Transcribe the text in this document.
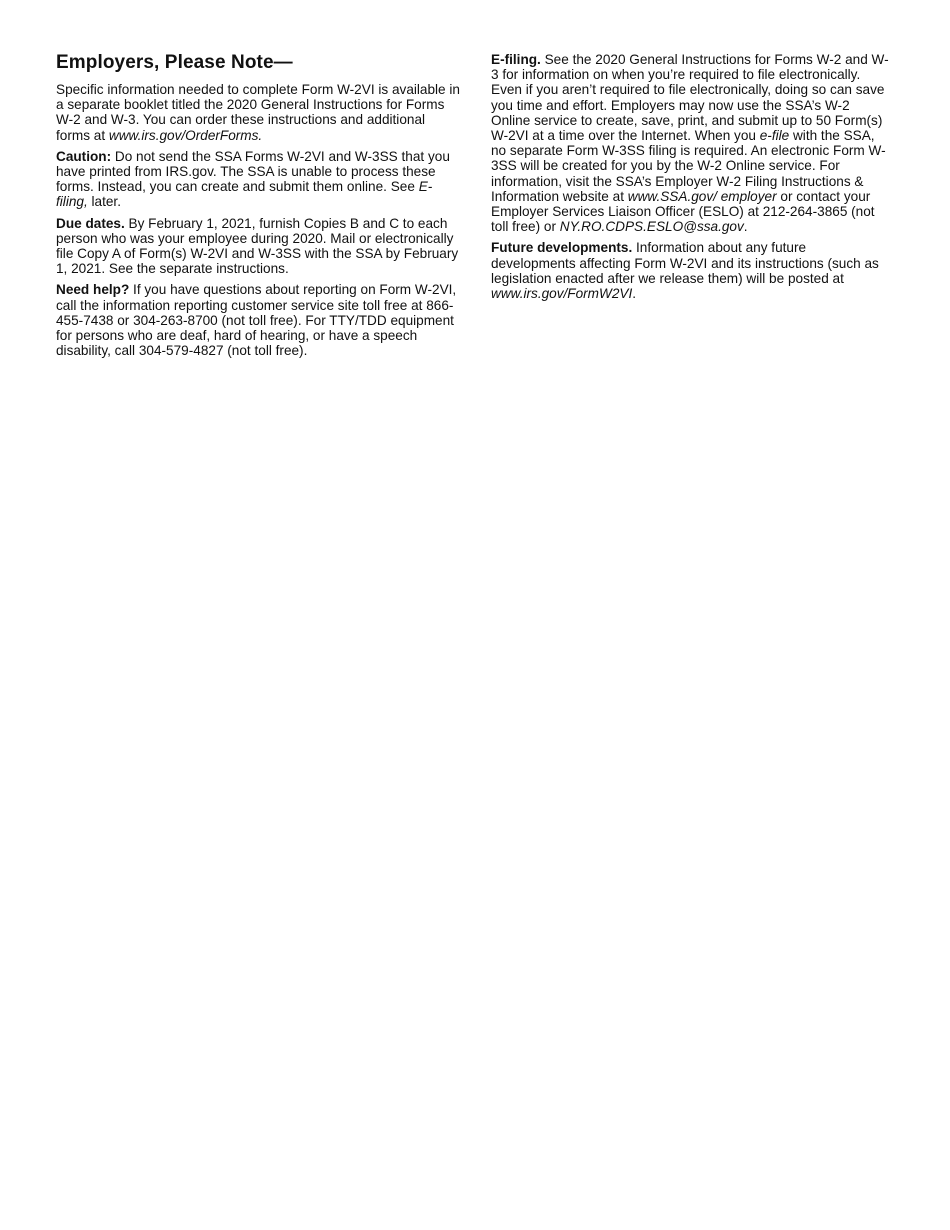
Employers, Please Note—

Specific information needed to complete Form W-2VI is available in a separate booklet titled the 2020 General Instructions for Forms W-2 and W-3. You can order these instructions and additional forms at www.irs.gov/OrderForms.

Caution: Do not send the SSA Forms W-2VI and W-3SS that you have printed from IRS.gov. The SSA is unable to process these forms. Instead, you can create and submit them online. See E-filing, later.

Due dates. By February 1, 2021, furnish Copies B and C to each person who was your employee during 2020. Mail or electronically file Copy A of Form(s) W-2VI and W-3SS with the SSA by February 1, 2021. See the separate instructions.

Need help? If you have questions about reporting on Form W-2VI, call the information reporting customer service site toll free at 866-455-7438 or 304-263-8700 (not toll free). For TTY/TDD equipment for persons who are deaf, hard of hearing, or have a speech disability, call 304-579-4827 (not toll free).

E-filing. See the 2020 General Instructions for Forms W-2 and W-3 for information on when you’re required to file electronically. Even if you aren’t required to file electronically, doing so can save you time and effort. Employers may now use the SSA’s W-2 Online service to create, save, print, and submit up to 50 Form(s) W-2VI at a time over the Internet. When you e-file with the SSA, no separate Form W-3SS filing is required. An electronic Form W-3SS will be created for you by the W-2 Online service. For information, visit the SSA’s Employer W-2 Filing Instructions & Information website at www.SSA.gov/ employer or contact your Employer Services Liaison Officer (ESLO) at 212-264-3865 (not toll free) or NY.RO.CDPS.ESLO@ssa.gov.

Future developments. Information about any future developments affecting Form W-2VI and its instructions (such as legislation enacted after we release them) will be posted at www.irs.gov/FormW2VI.
